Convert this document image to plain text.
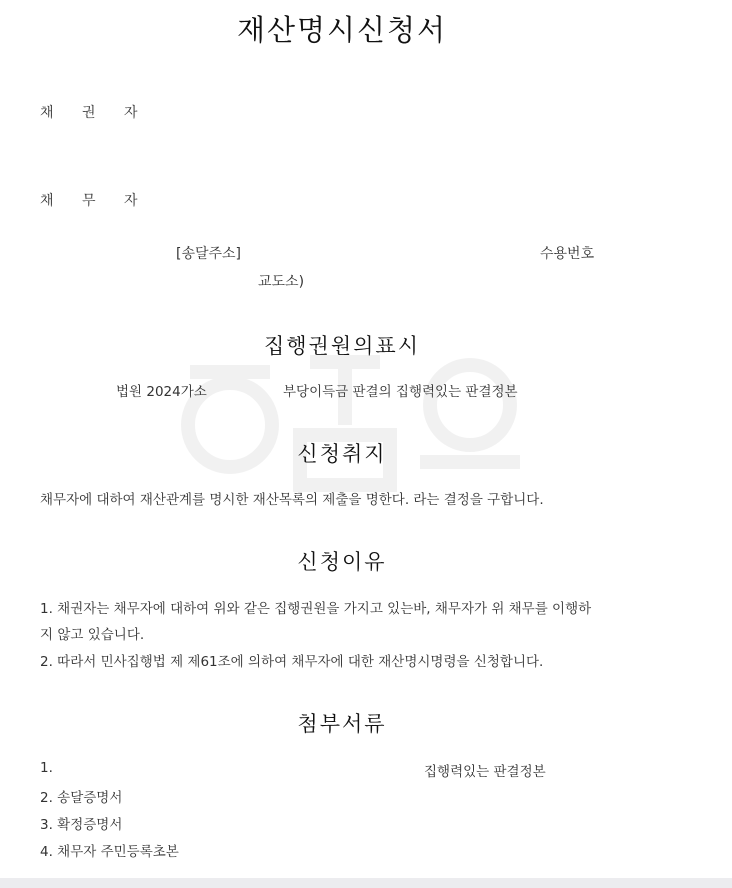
재산명시신청서

채 권 자

채 무 자

[송달주소]	수용번호

교도소)

집행권원의표시

법원 2024가소	부당이득금 판결의 집행력있는 판결정본

신청취지

채무자에 대하여 재산관계를 명시한 재산목록의 제출을 명한다. 라는 결정을 구합니다.

신청이유

1. 채권자는 채무자에 대하여 위와 같은 집행권원을 가지고 있는바, 채무자가 위 채무를 이행하

지 않고 있습니다.

2. 따라서 민사집행법 제 제61조에 의하여 채무자에 대한 재산명시명령을 신청합니다.

첨부서류

1.	집행력있는 판결정본

2. 송달증명서

3. 확정증명서

4. 채무자 주민등록초본
